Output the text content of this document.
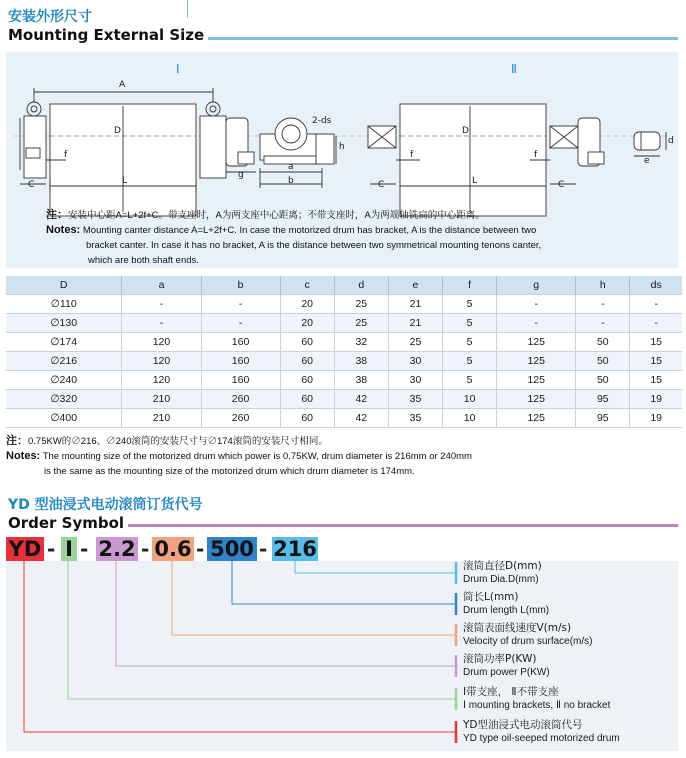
安装外形尺寸
Mounting External Size
Ⅰ	Ⅱ
A
D	D
C	L
f
g
a
b
h
2-ds
C	L
f	f
C
e
d
注：安装中心距A=L+2f+C。带支座时，A为两支座中心距离；不带支座时，A为两端轴铣扁的中心距离。
Notes: Mounting canter distance A=L+2f+C. In case the motorized drum has bracket, A is the distance between two
bracket canter. In case it has no bracket, A is the distance between two symmetrical mounting tenons canter,
which are both shaft ends.
D	a	b	c	d	e	f	g	h	ds
∅110	-	-	20	25	21	5	-	-	-
∅130	-	-	20	25	21	5	-	-	-
∅174	120	160	60	32	25	5	125	50	15
∅216	120	160	60	38	30	5	125	50	15
∅240	120	160	60	38	30	5	125	50	15
∅320	210	260	60	42	35	10	125	95	19
∅400	210	260	60	42	35	10	125	95	19
注：0.75KW的∅216、∅240滚筒的安装尺寸与∅174滚筒的安装尺寸相同。
Notes: The mounting size of the motorized drum which power is 0.75KW, drum diameter is 216mm or 240mm
is the same as the mounting size of the motorized drum which drum diameter is 174mm.
YD 型油浸式电动滚筒订货代号
Order Symbol
YD - Ⅰ - 2.2 - 0.6 - 500 - 216
滚筒直径D(mm)
Drum Dia.D(mm)
筒长L(mm)
Drum length L(mm)
滚筒表面线速度V(m/s)
Velocity of drum surface(m/s)
滚筒功率P(KW)
Drum power P(KW)
Ⅰ带支座， Ⅱ不带支座
Ⅰ mounting brackets, Ⅱ no bracket
YD型油浸式电动滚筒代号
YD type oil-seeped motorized drum
